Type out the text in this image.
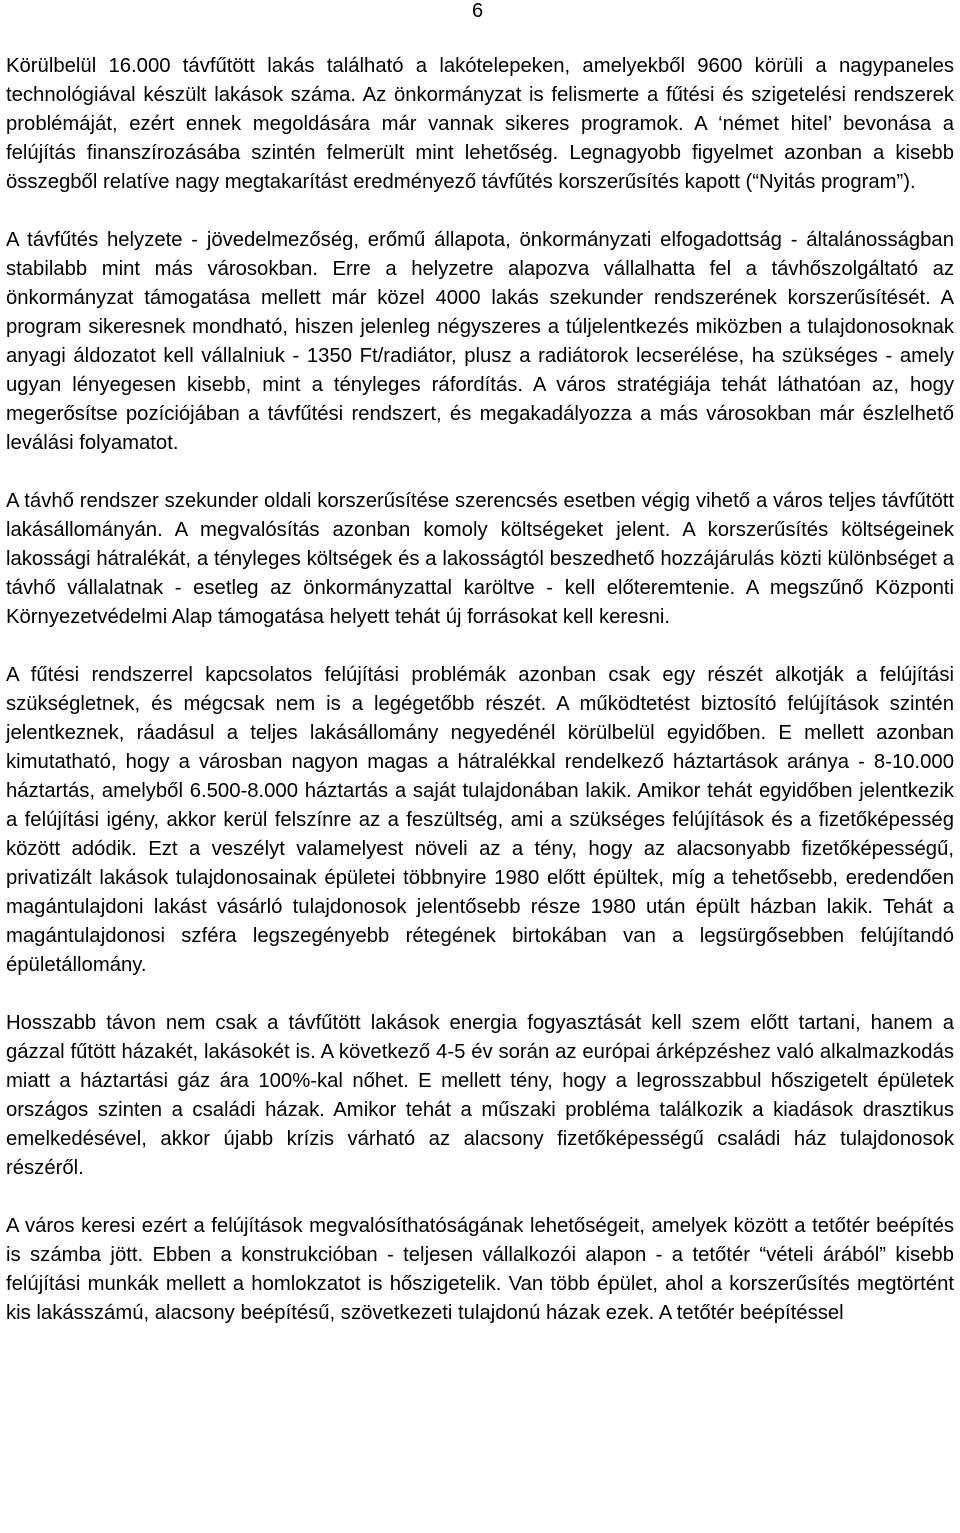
6

Körülbelül 16.000 távfűtött lakás található a lakótelepeken, amelyekből 9600 körüli a nagypaneles technológiával készült lakások száma. Az önkormányzat is felismerte a fűtési és szigetelési rendszerek problémáját, ezért ennek megoldására már vannak sikeres programok. A ‘német hitel’ bevonása a felújítás finanszírozásába szintén felmerült mint lehetőség. Legnagyobb figyelmet azonban a kisebb összegből relatíve nagy megtakarítást eredményező távfűtés korszerűsítés kapott (“Nyitás program”).

A távfűtés helyzete - jövedelmezőség, erőmű állapota, önkormányzati elfogadottság - általánosságban stabilabb mint más városokban. Erre a helyzetre alapozva vállalhatta fel a távhőszolgáltató az önkormányzat támogatása mellett már közel 4000 lakás szekunder rendszerének korszerűsítését. A program sikeresnek mondható, hiszen jelenleg négyszeres a túljelentkezés miközben a tulajdonosoknak anyagi áldozatot kell vállalniuk - 1350 Ft/radiátor, plusz a radiátorok lecserélése, ha szükséges - amely ugyan lényegesen kisebb, mint a tényleges ráfordítás. A város stratégiája tehát láthatóan az, hogy megerősítse pozíciójában a távfűtési rendszert, és megakadályozza a más városokban már észlelhető leválási folyamatot.

A távhő rendszer szekunder oldali korszerűsítése szerencsés esetben végig vihető a város teljes távfűtött lakásállományán. A megvalósítás azonban komoly költségeket jelent. A korszerűsítés költségeinek lakossági hátralékát, a tényleges költségek és a lakosságtól beszedhető hozzájárulás közti különbséget a távhő vállalatnak - esetleg az önkormányzattal karöltve - kell előteremtenie. A megszűnő Központi Környezetvédelmi Alap támogatása helyett tehát új forrásokat kell keresni.

A fűtési rendszerrel kapcsolatos felújítási problémák azonban csak egy részét alkotják a felújítási szükségletnek, és mégcsak nem is a legégetőbb részét. A működtetést biztosító felújítások szintén jelentkeznek, ráadásul a teljes lakásállomány negyedénél körülbelül egyidőben. E mellett azonban kimutatható, hogy a városban nagyon magas a hátralékkal rendelkező háztartások aránya - 8-10.000 háztartás, amelyből 6.500-8.000 háztartás a saját tulajdonában lakik. Amikor tehát egyidőben jelentkezik a felújítási igény, akkor kerül felszínre az a feszültség, ami a szükséges felújítások és a fizetőképesség között adódik. Ezt a veszélyt valamelyest növeli az a tény, hogy az alacsonyabb fizetőképességű, privatizált lakások tulajdonosainak épületei többnyire 1980 előtt épültek, míg a tehetősebb, eredendően magántulajdoni lakást vásárló tulajdonosok jelentősebb része 1980 után épült házban lakik. Tehát a magántulajdonosi szféra legszegényebb rétegének birtokában van a legsürgősebben felújítandó épületállomány.

Hosszabb távon nem csak a távfűtött lakások energia fogyasztását kell szem előtt tartani, hanem a gázzal fűtött házakét, lakásokét is. A következő 4-5 év során az európai árképzéshez való alkalmazkodás miatt a háztartási gáz ára 100%-kal nőhet. E mellett tény, hogy a legrosszabbul hőszigetelt épületek országos szinten a családi házak. Amikor tehát a műszaki probléma találkozik a kiadások drasztikus emelkedésével, akkor újabb krízis várható az alacsony fizetőképességű családi ház tulajdonosok részéről.

A város keresi ezért a felújítások megvalósíthatóságának lehetőségeit, amelyek között a tetőtér beépítés is számba jött. Ebben a konstrukcióban - teljesen vállalkozói alapon - a tetőtér “vételi árából” kisebb felújítási munkák mellett a homlokzatot is hőszigetelik. Van több épület, ahol a korszerűsítés megtörtént kis lakásszámú, alacsony beépítésű, szövetkezeti tulajdonú házak ezek. A tetőtér beépítéssel
